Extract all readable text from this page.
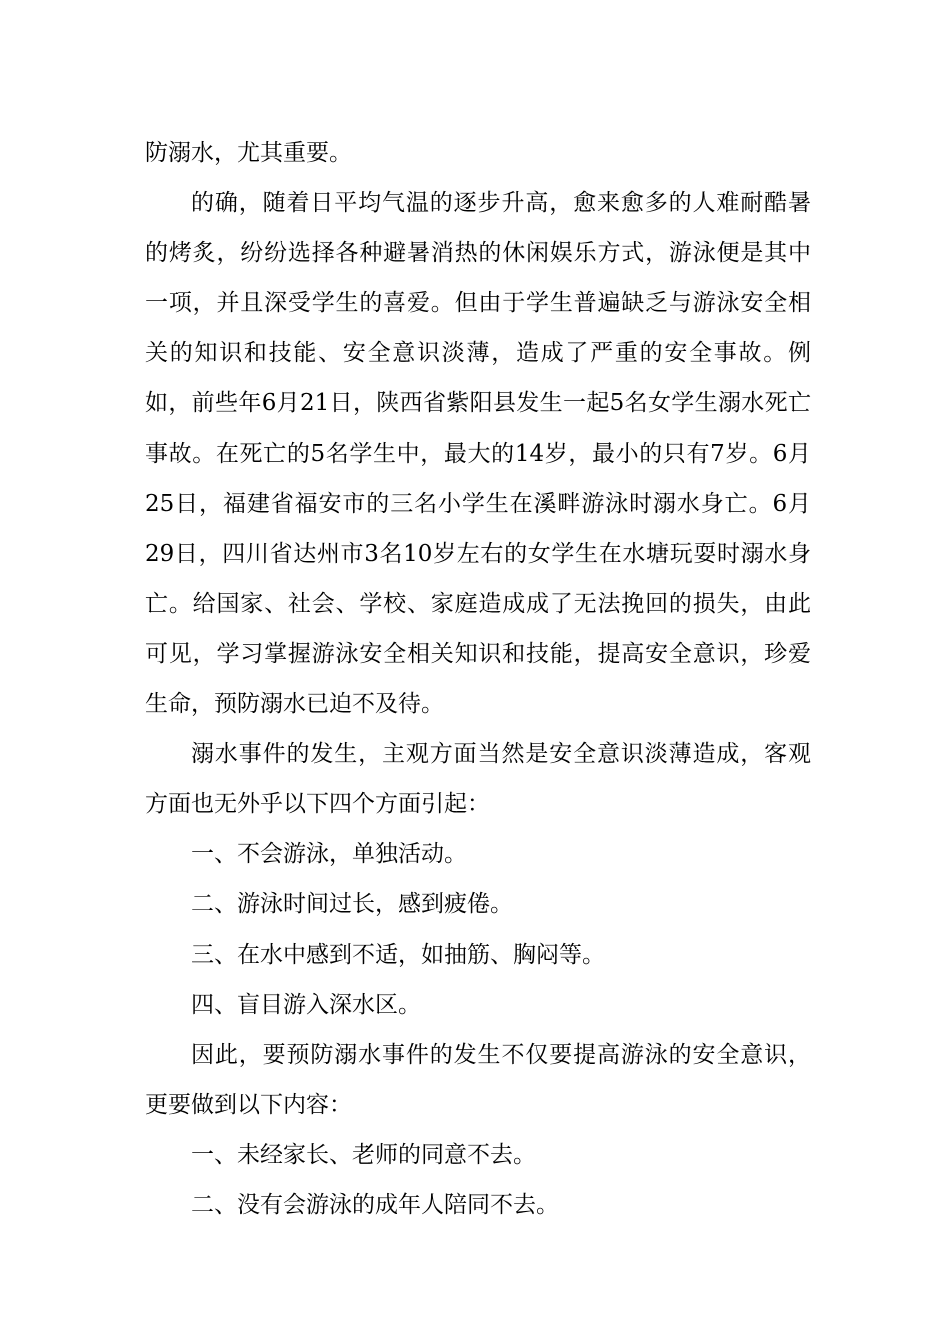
防溺水，尤其重要。

的确，随着日平均气温的逐步升高，愈来愈多的人难耐酷暑的烤炙，纷纷选择各种避暑消热的休闲娱乐方式，游泳便是其中一项，并且深受学生的喜爱。但由于学生普遍缺乏与游泳安全相关的知识和技能、安全意识淡薄，造成了严重的安全事故。例如，前些年6月21日，陕西省紫阳县发生一起5名女学生溺水死亡事故。在死亡的5名学生中，最大的14岁，最小的只有7岁。6月25日，福建省福安市的三名小学生在溪畔游泳时溺水身亡。6月29日，四川省达州市3名10岁左右的女学生在水塘玩耍时溺水身亡。给国家、社会、学校、家庭造成成了无法挽回的损失，由此可见，学习掌握游泳安全相关知识和技能，提高安全意识，珍爱生命，预防溺水已迫不及待。

溺水事件的发生，主观方面当然是安全意识淡薄造成，客观方面也无外乎以下四个方面引起：

一、不会游泳，单独活动。

二、游泳时间过长，感到疲倦。

三、在水中感到不适，如抽筋、胸闷等。

四、盲目游入深水区。

因此，要预防溺水事件的发生不仅要提高游泳的安全意识，更要做到以下内容：

一、未经家长、老师的同意不去。

二、没有会游泳的成年人陪同不去。
